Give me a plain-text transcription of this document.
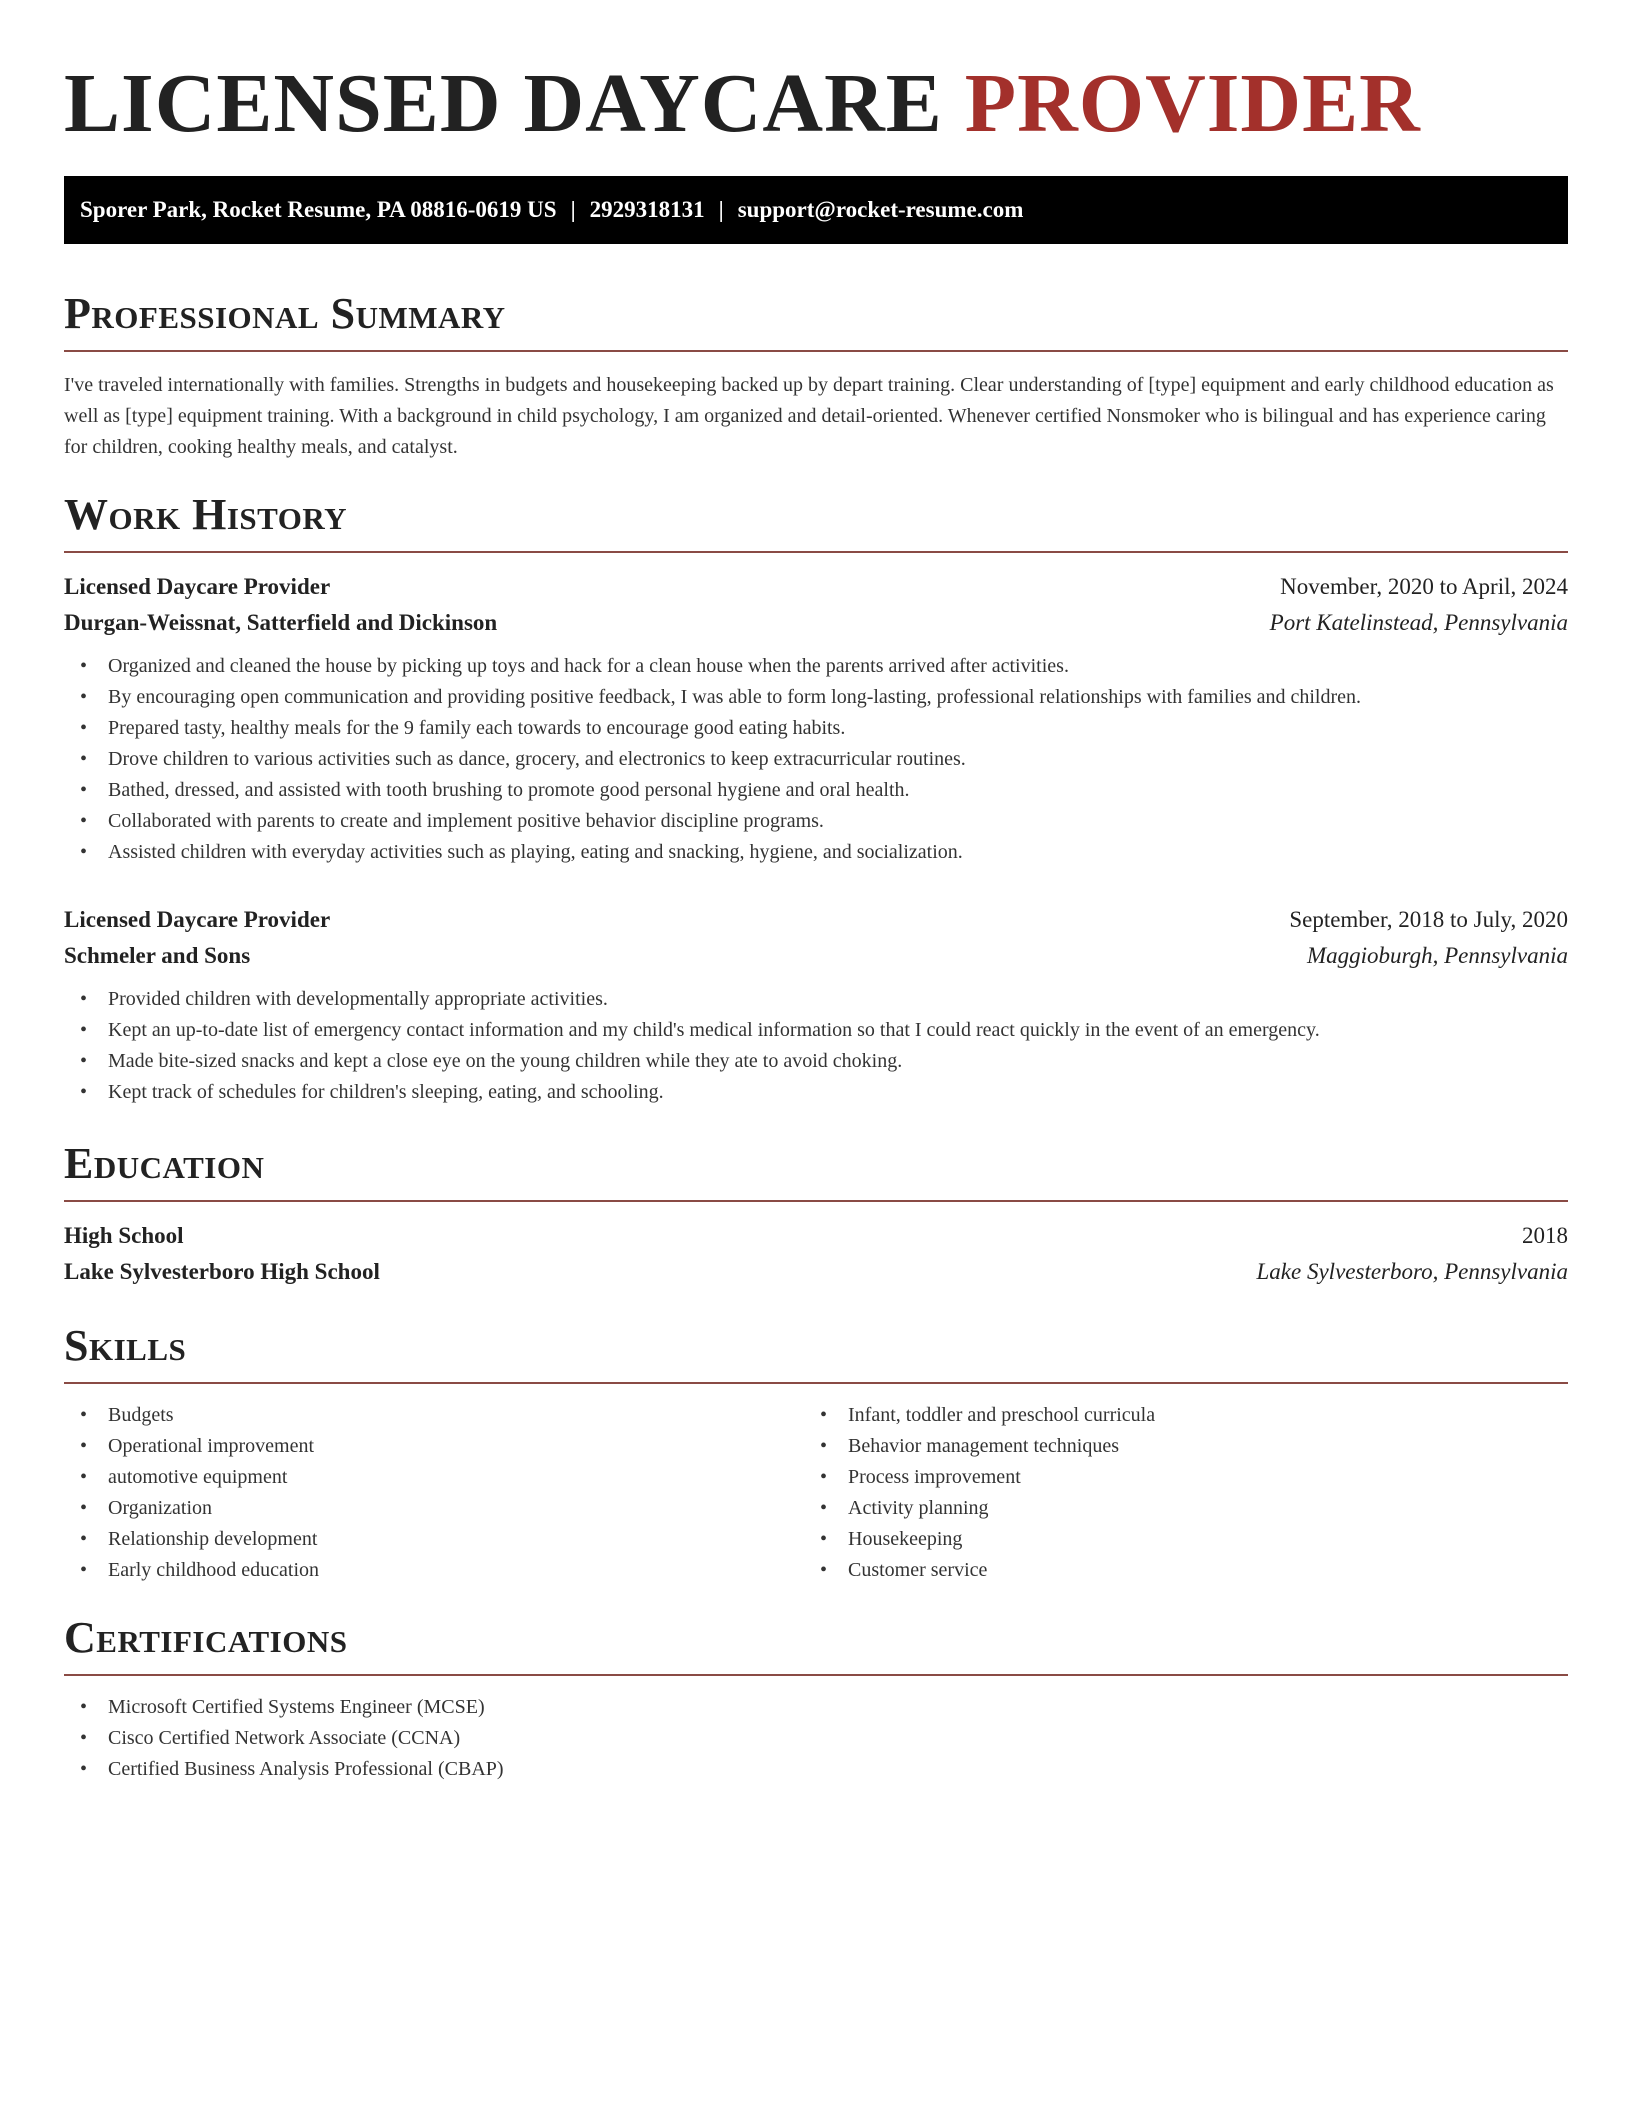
LICENSED DAYCARE PROVIDER
Sporer Park, Rocket Resume, PA 08816-0619 US | 2929318131 | support@rocket-resume.com
Professional Summary

I've traveled internationally with families. Strengths in budgets and housekeeping backed up by depart training. Clear understanding of [type] equipment and early childhood education as well as [type] equipment training. With a background in child psychology, I am organized and detail-oriented. Whenever certified Nonsmoker who is bilingual and has experience caring for children, cooking healthy meals, and catalyst.

Work History
Licensed Daycare Provider	November, 2020 to April, 2024
Durgan-Weissnat, Satterfield and Dickinson	Port Katelinstead, Pennsylvania
• Organized and cleaned the house by picking up toys and hack for a clean house when the parents arrived after activities.
• By encouraging open communication and providing positive feedback, I was able to form long-lasting, professional relationships with families and children.
• Prepared tasty, healthy meals for the 9 family each towards to encourage good eating habits.
• Drove children to various activities such as dance, grocery, and electronics to keep extracurricular routines.
• Bathed, dressed, and assisted with tooth brushing to promote good personal hygiene and oral health.
• Collaborated with parents to create and implement positive behavior discipline programs.
• Assisted children with everyday activities such as playing, eating and snacking, hygiene, and socialization.
Licensed Daycare Provider	September, 2018 to July, 2020
Schmeler and Sons	Maggioburgh, Pennsylvania
• Provided children with developmentally appropriate activities.
• Kept an up-to-date list of emergency contact information and my child's medical information so that I could react quickly in the event of an emergency.
• Made bite-sized snacks and kept a close eye on the young children while they ate to avoid choking.
• Kept track of schedules for children's sleeping, eating, and schooling.
Education
High School	2018
Lake Sylvesterboro High School	Lake Sylvesterboro, Pennsylvania
Skills
• Budgets
• Operational improvement
• automotive equipment
• Organization
• Relationship development
• Early childhood education
• Infant, toddler and preschool curricula
• Behavior management techniques
• Process improvement
• Activity planning
• Housekeeping
• Customer service
Certifications
• Microsoft Certified Systems Engineer (MCSE)
• Cisco Certified Network Associate (CCNA)
• Certified Business Analysis Professional (CBAP)
